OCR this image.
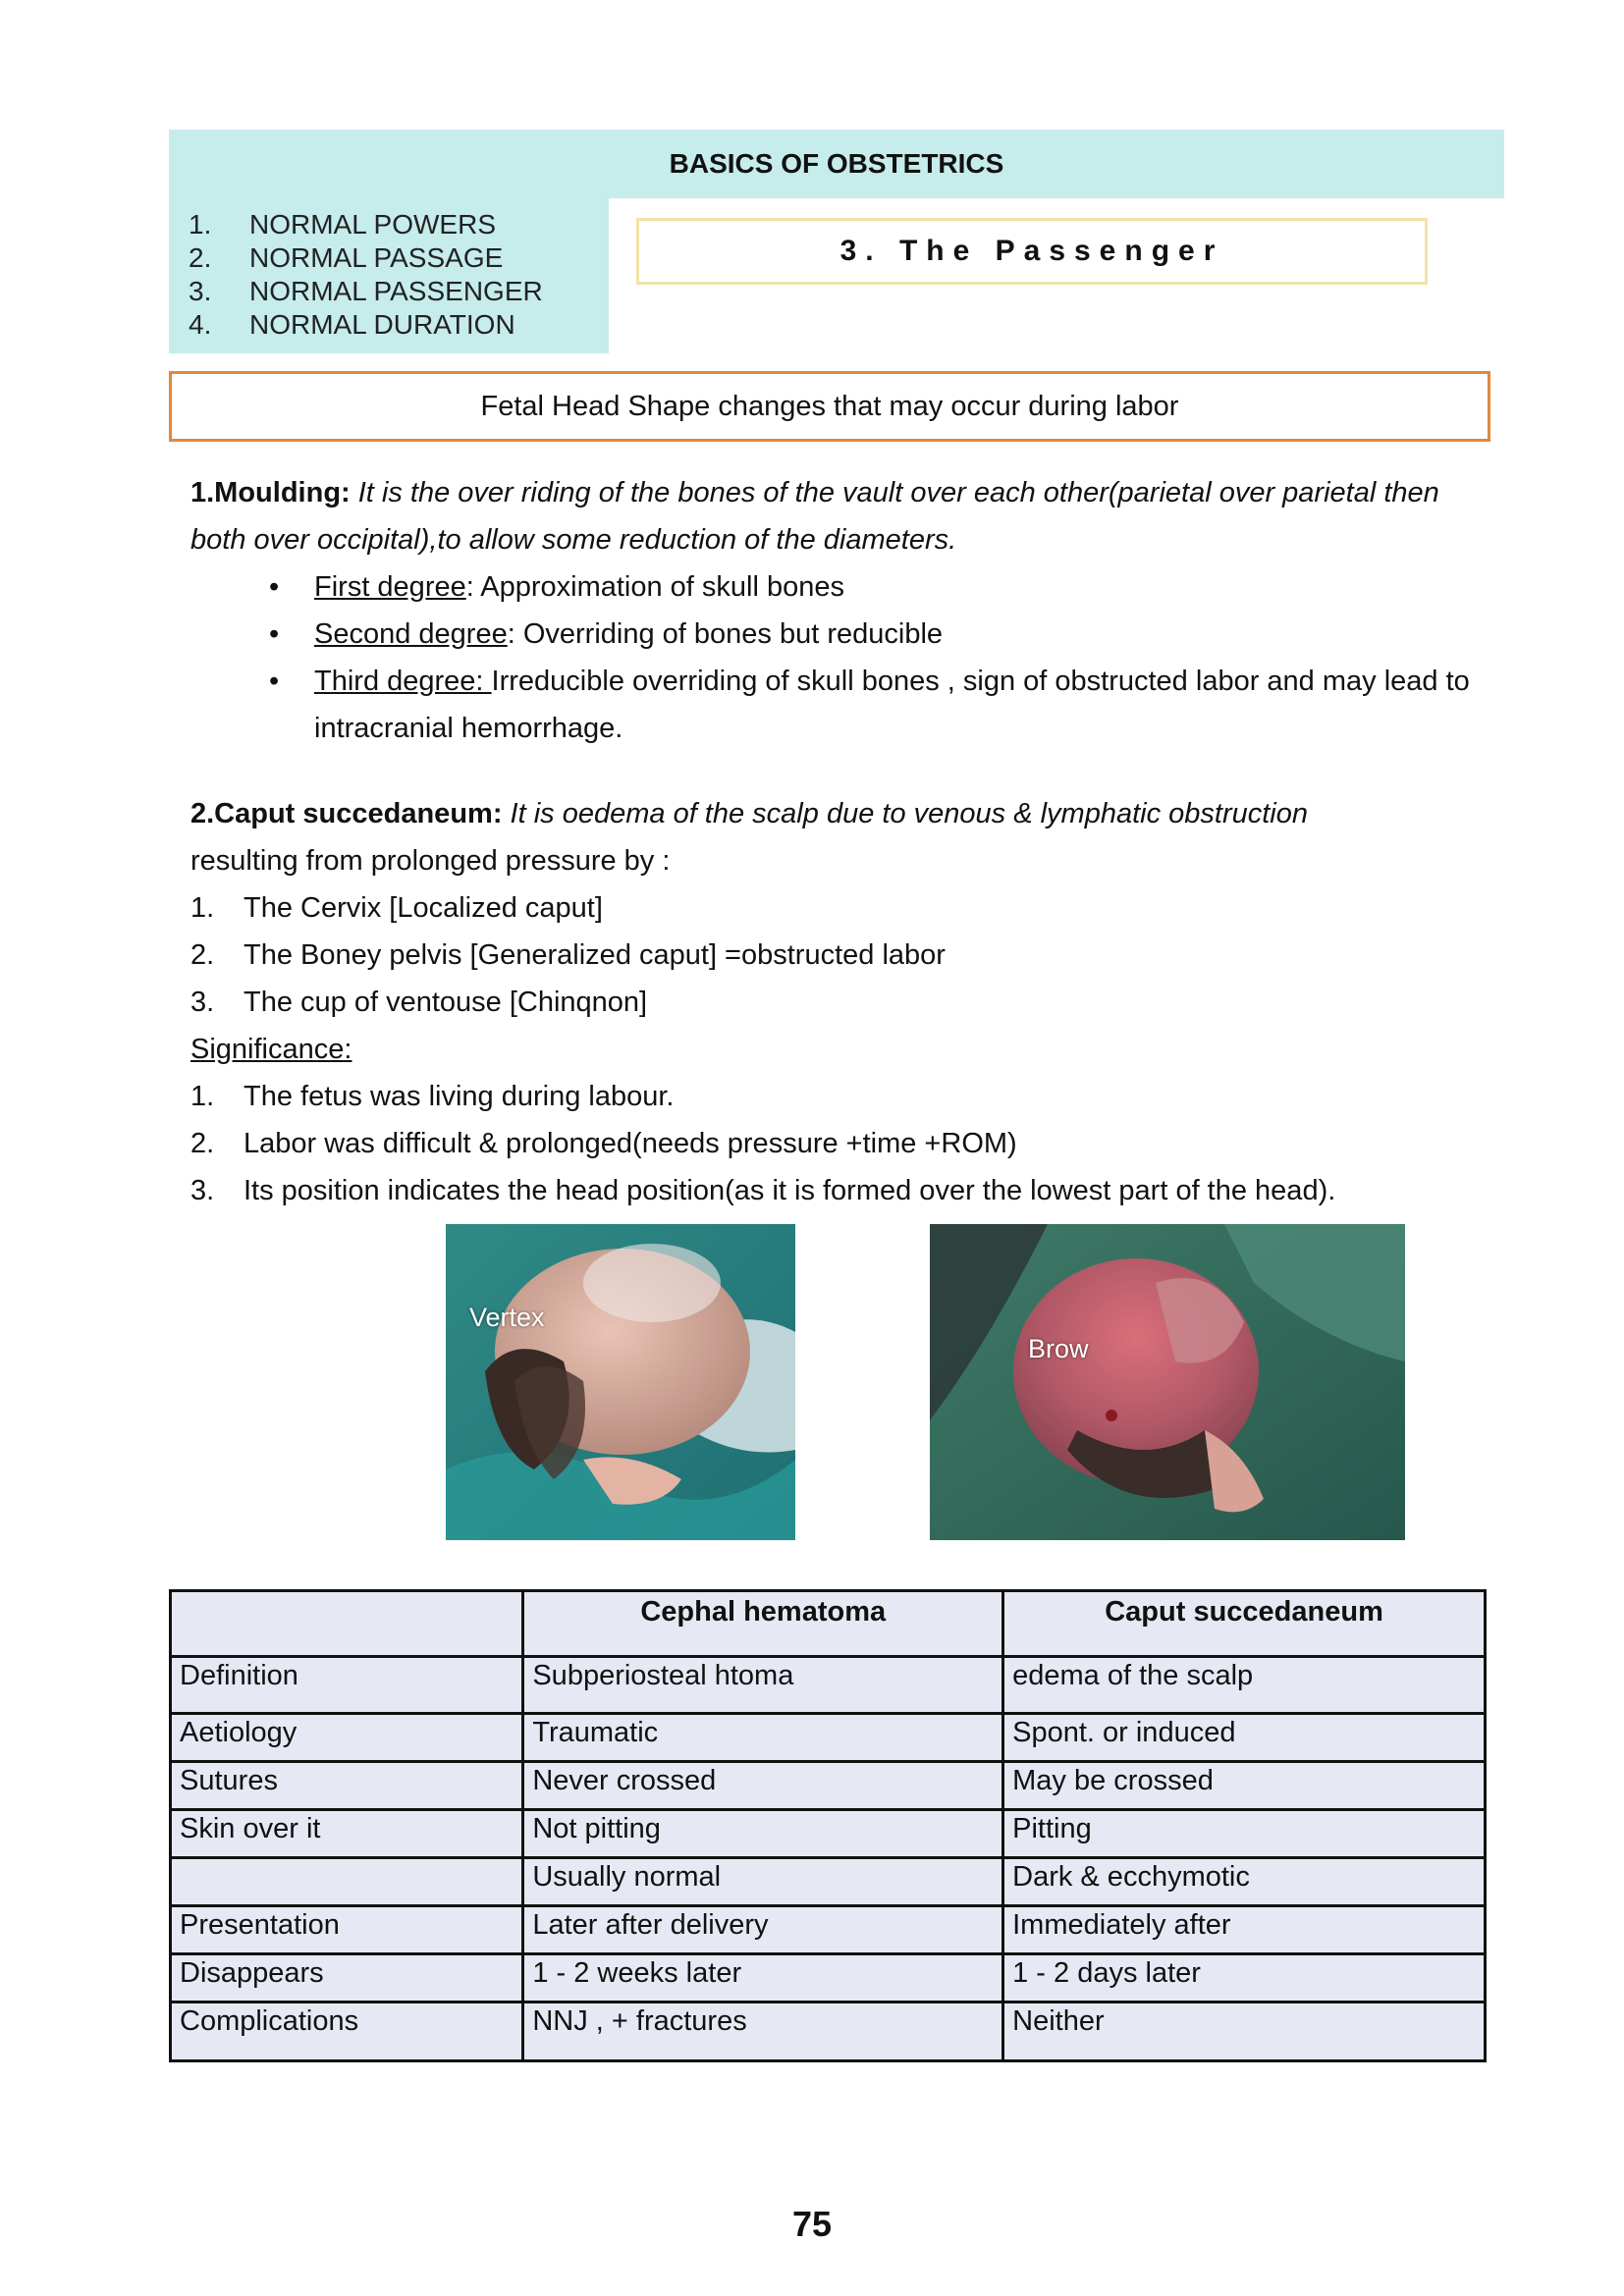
BASICS OF OBSTETRICS
1.	NORMAL POWERS
2.	NORMAL PASSAGE
3.	NORMAL PASSENGER
4.	NORMAL DURATION
3. The Passenger
Fetal Head Shape changes that may occur during labor
1.Moulding: It is the over riding of the bones of the vault over each other(parietal over parietal then both over occipital),to allow some reduction of the diameters.
• First degree: Approximation of skull bones
• Second degree: Overriding of bones but reducible
• Third degree: Irreducible overriding of skull bones , sign of obstructed labor and may lead to intracranial hemorrhage.
2.Caput succedaneum: It is oedema of the scalp due to venous & lymphatic obstruction
resulting from prolonged pressure by :
1.	The Cervix [Localized caput]
2.	The Boney pelvis [Generalized caput] =obstructed labor
3.	The cup of ventouse [Chinqnon]
Significance:
1.	The fetus was living during labour.
2.	Labor was difficult & prolonged(needs pressure +time +ROM)
3.	Its position indicates the head position(as it is formed over the lowest part of the head).
Vertex
Brow
	Cephal hematoma	Caput succedaneum
Definition	Subperiosteal htoma	edema of the scalp
Aetiology	Traumatic	Spont. or induced
Sutures	Never crossed	May be crossed
Skin over it	Not pitting	Pitting
	Usually normal	Dark & ecchymotic
Presentation	Later after delivery	Immediately after
Disappears	1 - 2 weeks later	1 - 2 days later
Complications	NNJ , + fractures	Neither
75
